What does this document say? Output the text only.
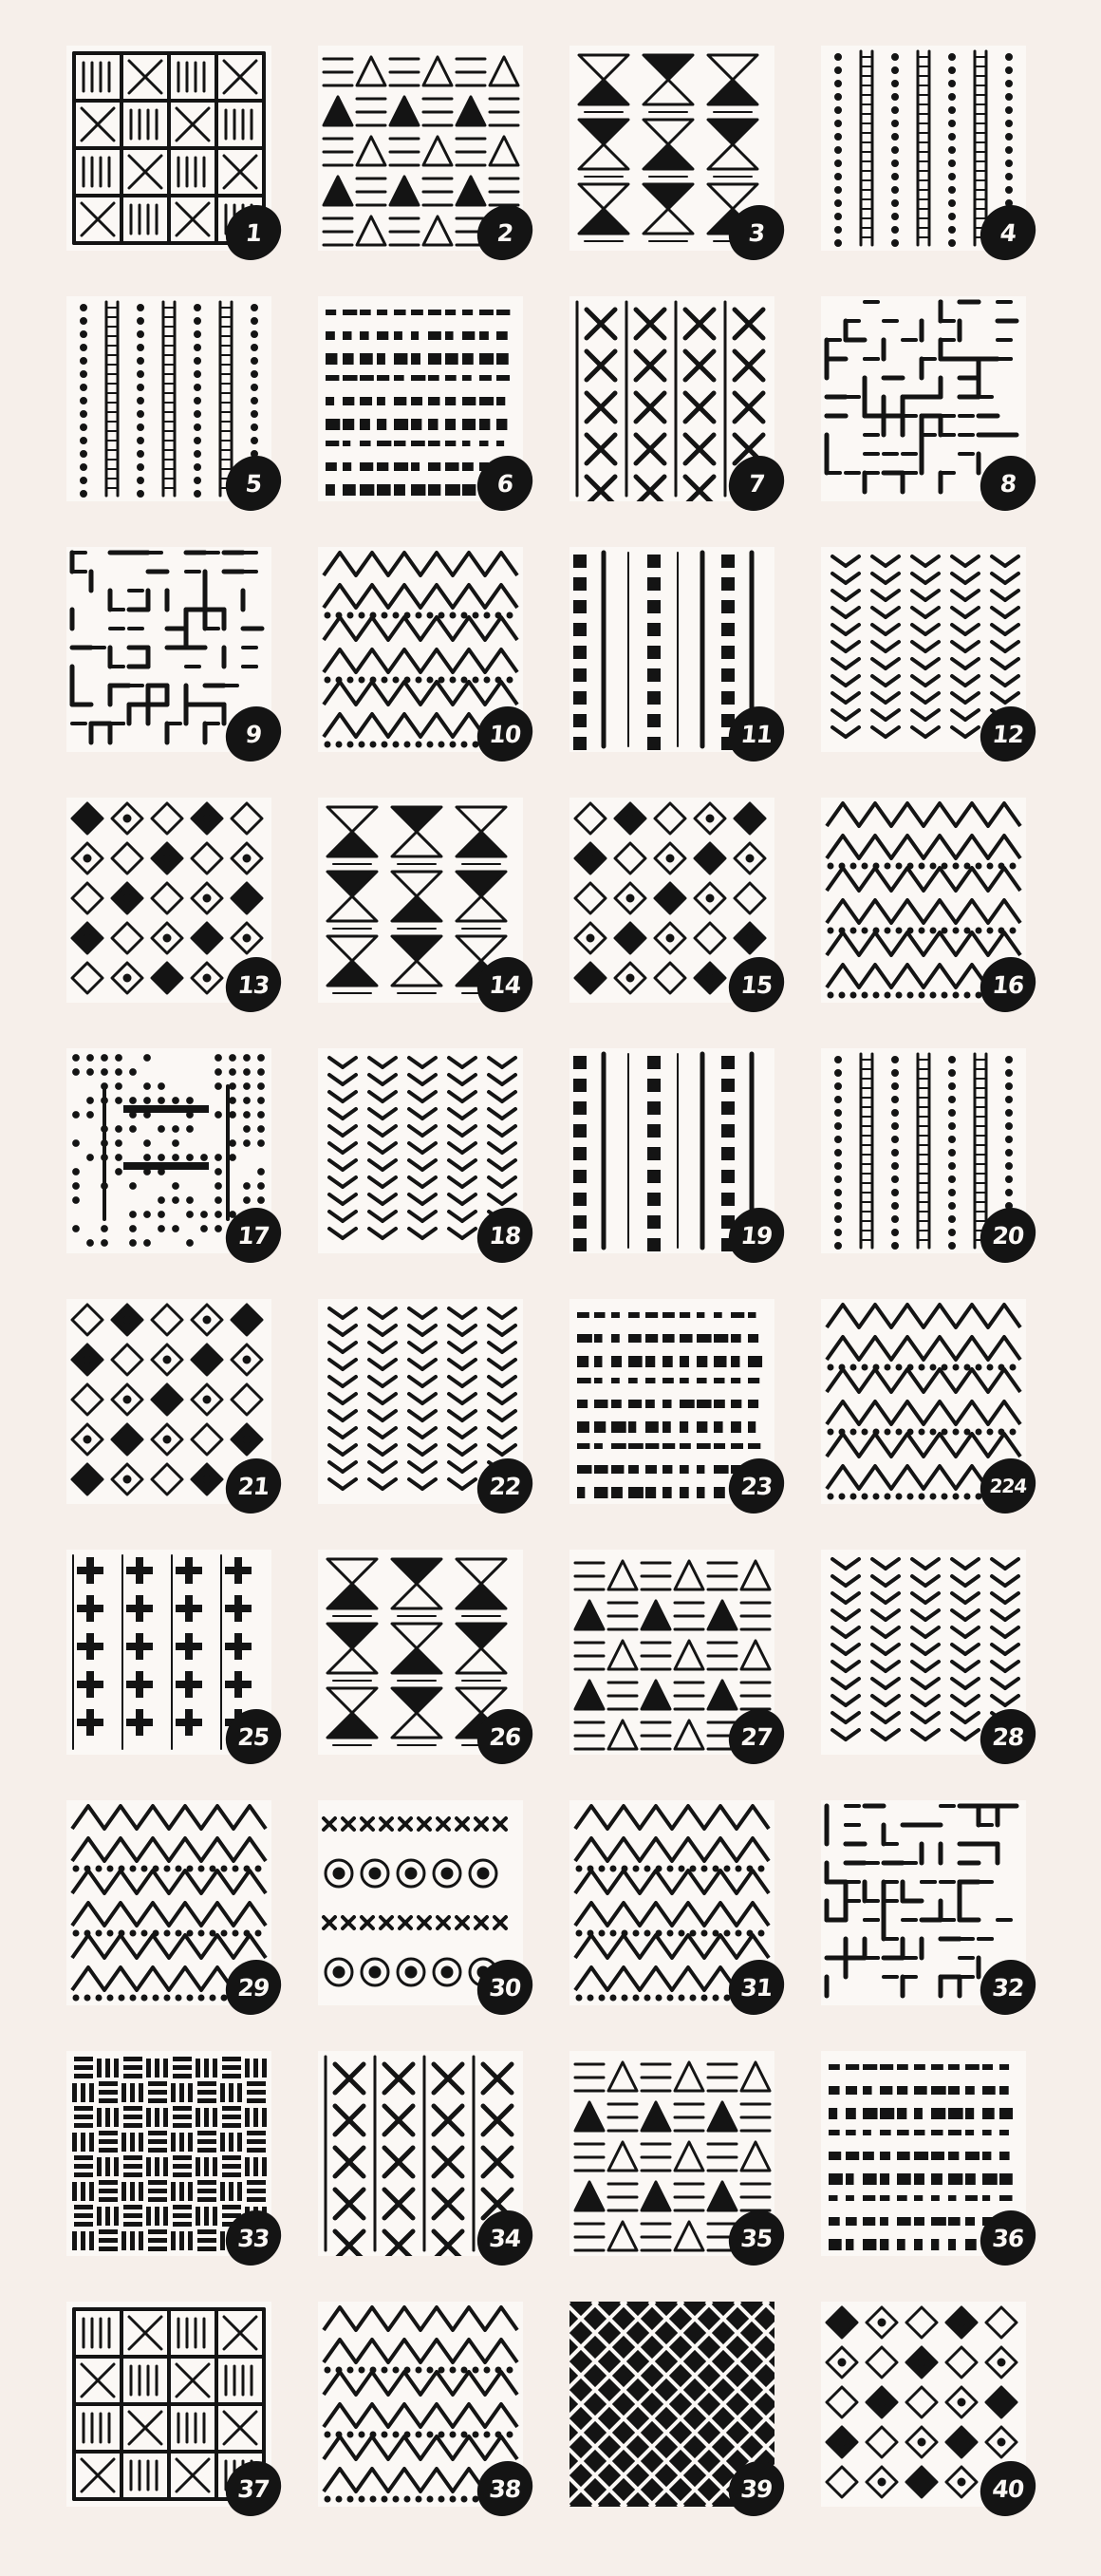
1	2	3	4
5	6	7	8
9	10	11	12
13	14	15	16
17	18	19	20
21	22	23	224
25	26	27	28
29	30	31	32
33	34	35	36
37	38	39	40
